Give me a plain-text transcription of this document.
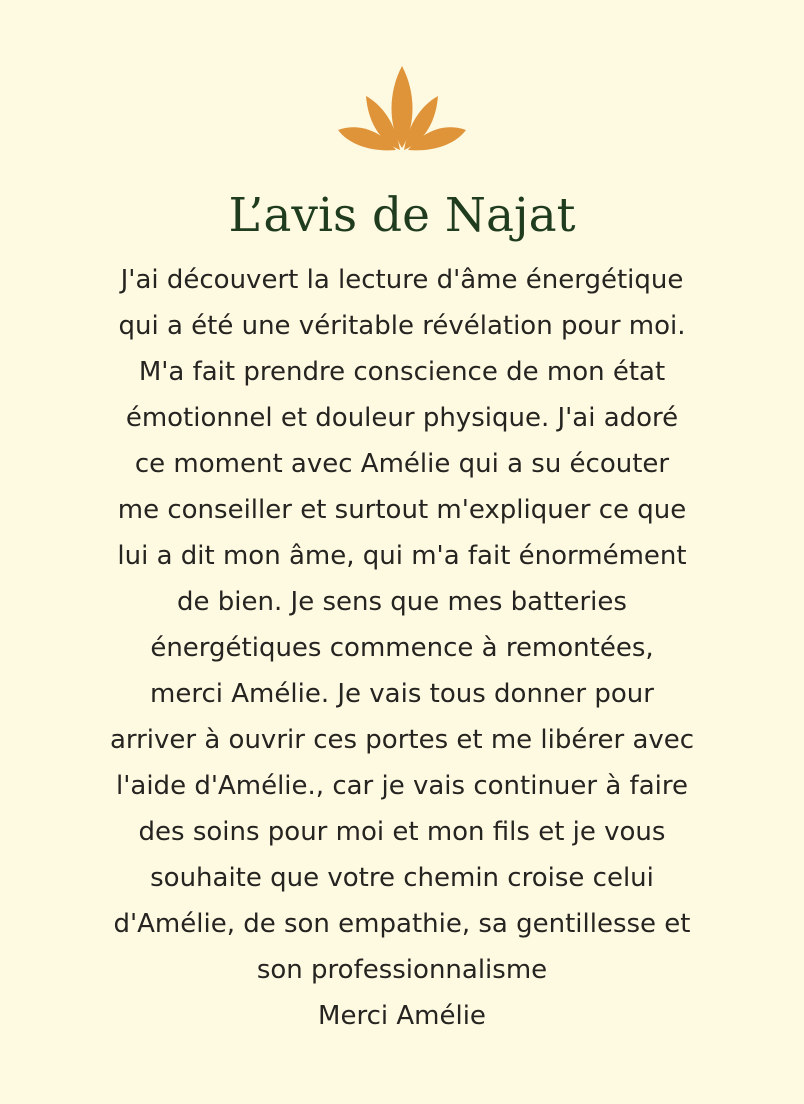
L’avis de Najat
J'ai découvert la lecture d'âme énergétique
qui a été une véritable révélation pour moi.
M'a fait prendre conscience de mon état
émotionnel et douleur physique. J'ai adoré
ce moment avec Amélie qui a su écouter
me conseiller et surtout m'expliquer ce que
lui a dit mon âme, qui m'a fait énormément
de bien. Je sens que mes batteries
énergétiques commence à remontées,
merci Amélie. Je vais tous donner pour
arriver à ouvrir ces portes et me libérer avec
l'aide d'Amélie., car je vais continuer à faire
des soins pour moi et mon fils et je vous
souhaite que votre chemin croise celui
d'Amélie, de son empathie, sa gentillesse et
son professionnalisme
Merci Amélie
